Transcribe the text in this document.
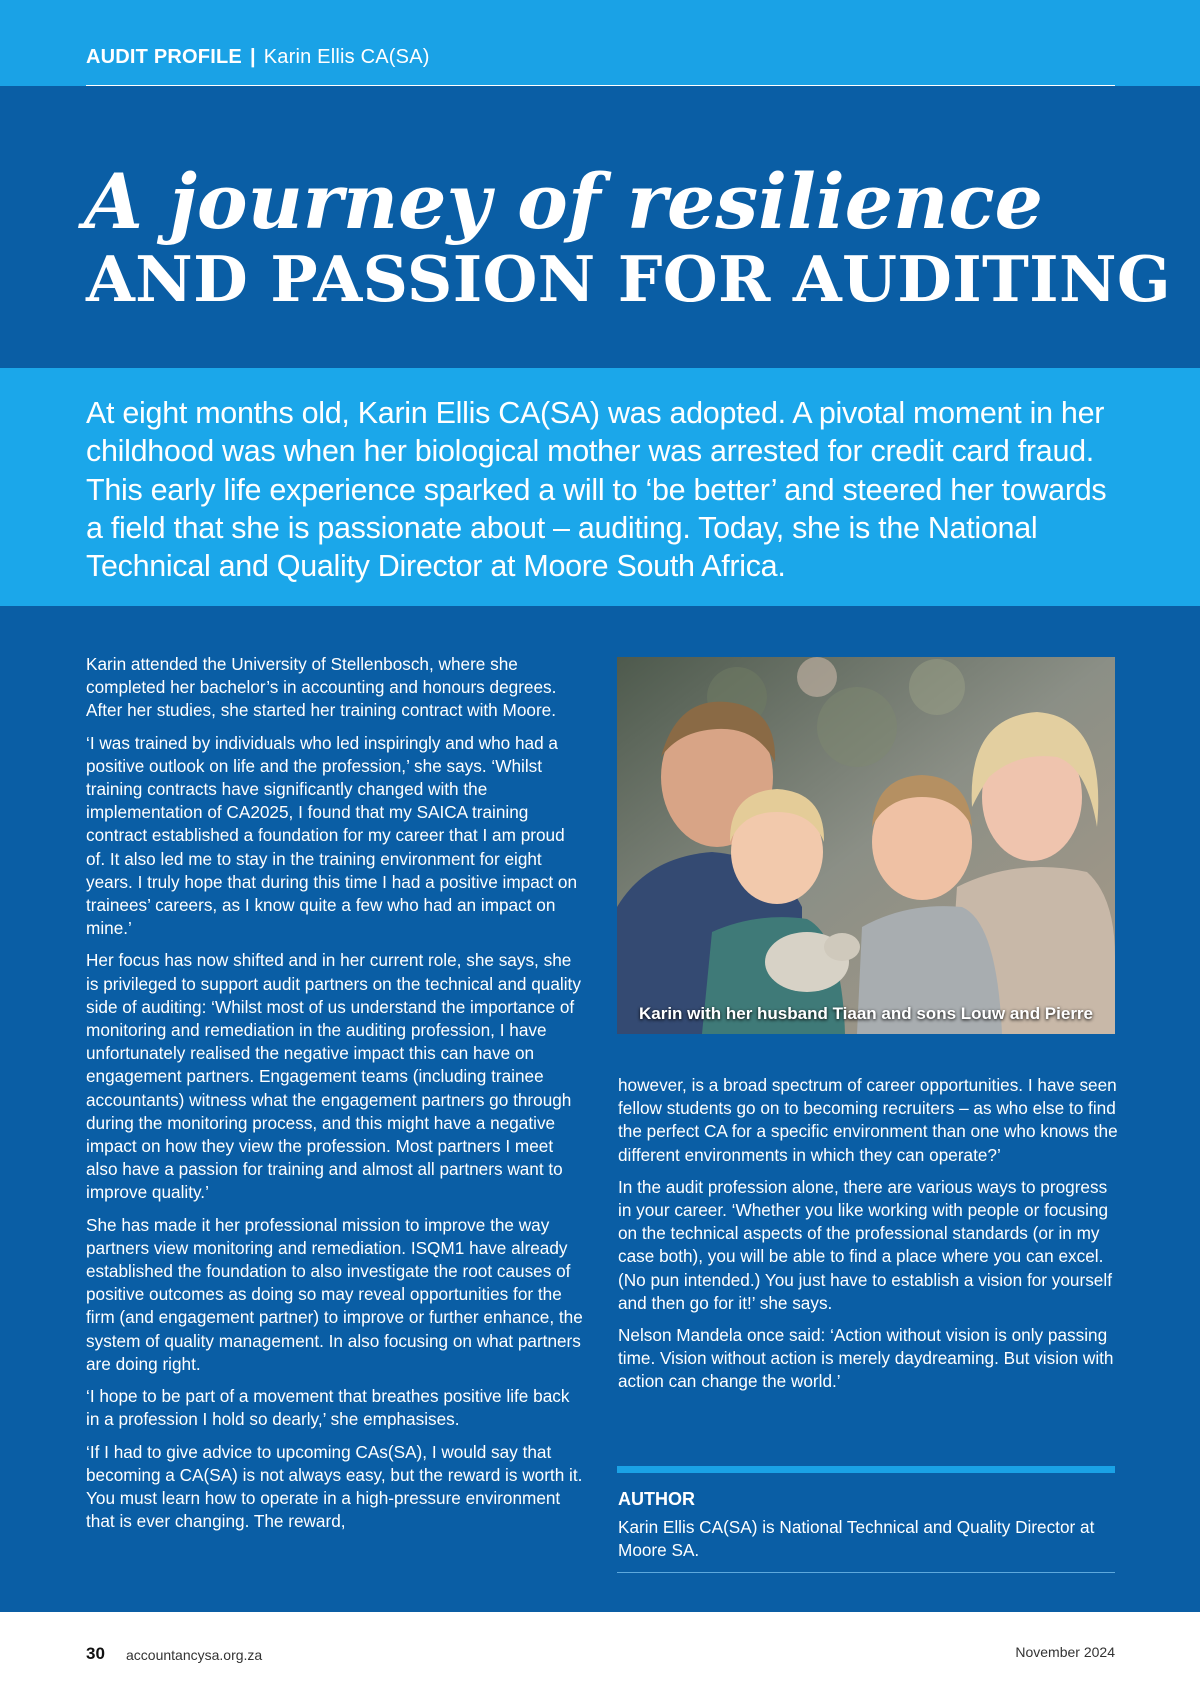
AUDIT PROFILE | Karin Ellis CA(SA)
A journey of resilience
AND PASSION FOR AUDITING

At eight months old, Karin Ellis CA(SA) was adopted. A pivotal moment in her childhood was when her biological mother was arrested for credit card fraud. This early life experience sparked a will to ‘be better’ and steered her towards a field that she is passionate about – auditing. Today, she is the National Technical and Quality Director at Moore South Africa.

Karin attended the University of Stellenbosch, where she completed her bachelor’s in accounting and honours degrees. After her studies, she started her training contract with Moore.

‘I was trained by individuals who led inspiringly and who had a positive outlook on life and the profession,’ she says. ‘Whilst training contracts have significantly changed with the implementation of CA2025, I found that my SAICA training contract established a foundation for my career that I am proud of. It also led me to stay in the training environment for eight years. I truly hope that during this time I had a positive impact on trainees’ careers, as I know quite a few who had an impact on mine.’

Her focus has now shifted and in her current role, she says, she is privileged to support audit partners on the technical and quality side of auditing: ‘Whilst most of us understand the importance of monitoring and remediation in the auditing profession, I have unfortunately realised the negative impact this can have on engagement partners. Engagement teams (including trainee accountants) witness what the engagement partners go through during the monitoring process, and this might have a negative impact on how they view the profession. Most partners I meet also have a passion for training and almost all partners want to improve quality.’

She has made it her professional mission to improve the way partners view monitoring and remediation. ISQM1 have already established the foundation to also investigate the root causes of positive outcomes as doing so may reveal opportunities for the firm (and engagement partner) to improve or further enhance, the system of quality management. In also focusing on what partners are doing right.

‘I hope to be part of a movement that breathes positive life back in a profession I hold so dearly,’ she emphasises.

‘If I had to give advice to upcoming CAs(SA), I would say that becoming a CA(SA) is not always easy, but the reward is worth it. You must learn how to operate in a high-pressure environment that is ever changing. The reward,

Karin with her husband Tiaan and sons Louw and Pierre

however, is a broad spectrum of career opportunities. I have seen fellow students go on to becoming recruiters – as who else to find the perfect CA for a specific environment than one who knows the different environments in which they can operate?’

In the audit profession alone, there are various ways to progress in your career. ‘Whether you like working with people or focusing on the technical aspects of the professional standards (or in my case both), you will be able to find a place where you can excel. (No pun intended.) You just have to establish a vision for yourself and then go for it!’ she says.

Nelson Mandela once said: ‘Action without vision is only passing time. Vision without action is merely daydreaming. But vision with action can change the world.’

AUTHOR
Karin Ellis CA(SA) is National Technical and Quality Director at Moore SA.
30 accountancysa.org.za	November 2024
